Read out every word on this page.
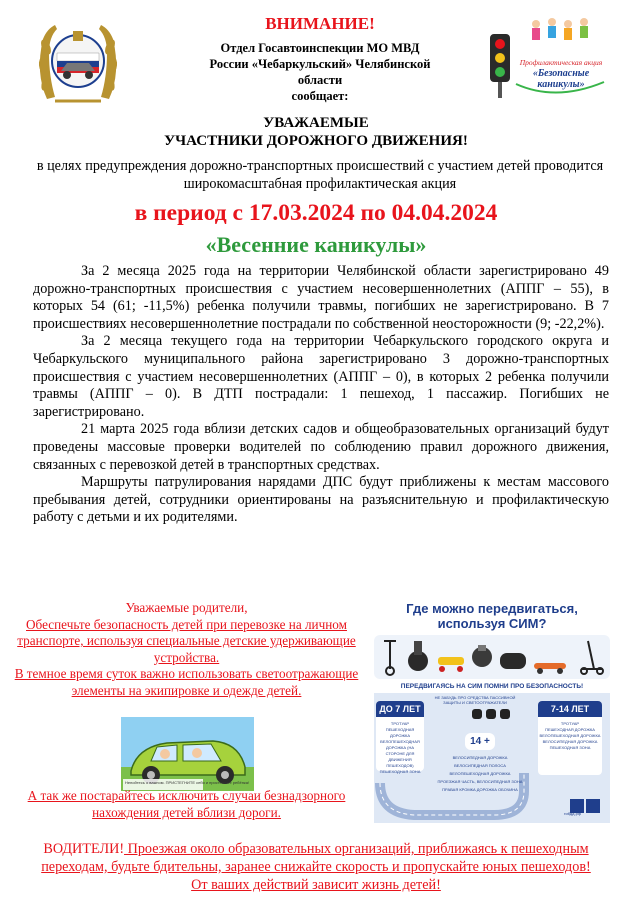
ВНИМАНИЕ!
Отдел Госавтоинспекции МО МВД
России «Чебаркульский» Челябинской
области
сообщает:
Профилактическая акция
«Безопасные каникулы»
УВАЖАЕМЫЕ
УЧАСТНИКИ ДОРОЖНОГО ДВИЖЕНИЯ!
в целях предупреждения дорожно-транспортных происшествий с участием детей проводится широкомасштабная профилактическая акция
в период с 17.03.2024 по 04.04.2024
«Весенние каникулы»

За 2 месяца 2025 года на территории Челябинской области зарегистрировано 49 дорожно-транспортных происшествия с участием несовершеннолетних (АППГ – 55), в которых 54 (61; -11,5%) ребенка получили травмы, погибших не зарегистрировано. В 7 происшествиях несовершеннолетние пострадали по собственной неосторожности (9; -22,2%).

За 2 месяца текущего года на территории Чебаркульского городского округа и Чебаркульского муниципального района зарегистрировано 3 дорожно-транспортных происшествия с участием несовершеннолетних (АППГ – 0), в которых 2 ребенка получили травмы (АППГ – 0). В ДТП пострадали: 1 пешеход, 1 пассажир. Погибших не зарегистрировано.

21 марта 2025 года вблизи детских садов и общеобразовательных организаций будут проведены массовые проверки водителей по соблюдению правил дорожного движения, связанных с перевозкой детей в транспортных средствах.

Маршруты патрулирования нарядами ДПС будут приближены к местам массового пребывания детей, сотрудники ориентированы на разъяснительную и профилактическую работу с детьми и их родителями.

Уважаемые родители,
Обеспечьте безопасность детей при перевозке на личном транспорте, используя специальные детские удерживающие устройства.
В темное время суток важно использовать светоотражающие элементы на экипировке и одежде детей.
Непойтесь о важном. ПРИСТЕГНИТЕ себя и пристегните ребёнка!
А так же постарайтесь исключить случаи безнадзорного нахождения детей вблизи дороги.
Где можно передвигаться,
используя СИМ?
ПЕРЕДВИГАЯСЬ НА СИМ ПОМНИ ПРО БЕЗОПАСНОСТЬ!
НЕ ЗАБУДЬ ПРО СРЕДСТВА ПАССИВНОЙ ЗАЩИТЫ И СВЕТООТРАЖАТЕЛИ
ДО 7 ЛЕТ
ТРОТУАР
ПЕШЕХОДНАЯ ДОРОЖКА
ВЕЛОПЕШЕХОДНАЯ ДОРОЖКА (НА СТОРОНЕ ДЛЯ ДВИЖЕНИЯ ПЕШЕХОДОВ)
ПЕШЕХОДНАЯ ЗОНА
7-14 ЛЕТ
ТРОТУАР
ПЕШЕХОДНАЯ ДОРОЖКА
ВЕЛОПЕШЕХОДНАЯ ДОРОЖКА
ВЕЛОСИПЕДНАЯ ДОРОЖКА
ПЕШЕХОДНАЯ ЗОНА
14 +
ВЕЛОСИПЕДНАЯ ДОРОЖКА
ВЕЛОСИПЕДНАЯ ПОЛОСА
ВЕЛОПЕШЕХОДНАЯ ДОРОЖКА
ПРОЕЗЖАЯ ЧАСТЬ, ВЕЛОСИПЕДНАЯ ЗОНА
ПРАВАЯ КРОМКА ДОРОЖКА ОБОЧИНА
гибдд.рф
ВОДИТЕЛИ! Проезжая около образовательных организаций, приближаясь к пешеходным переходам, будьте бдительны, заранее снижайте скорость и пропускайте юных пешеходов!
От ваших действий зависит жизнь детей!
